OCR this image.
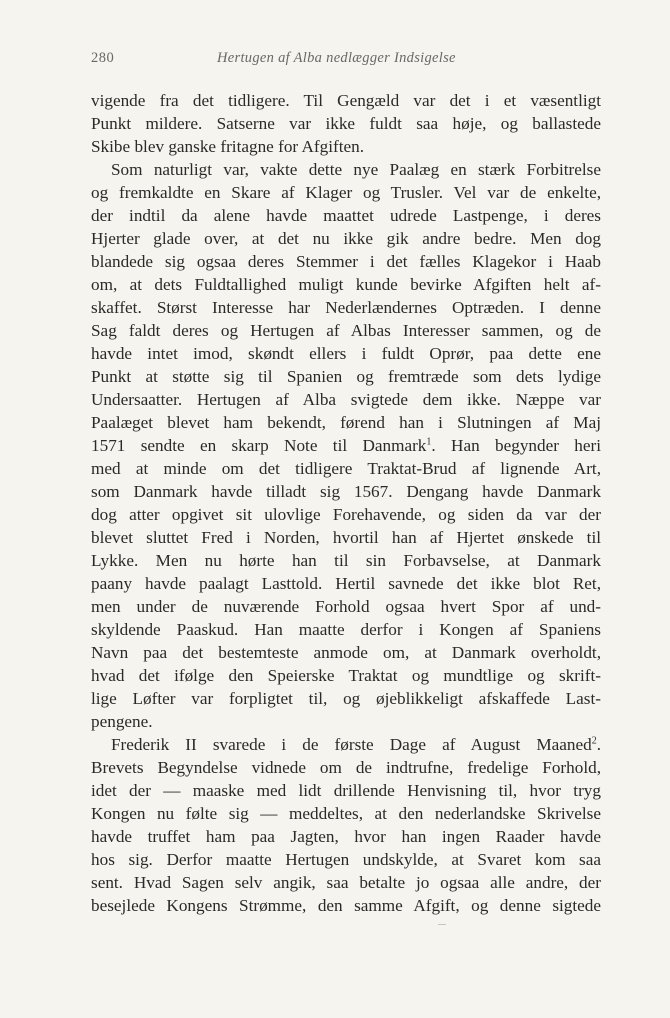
280	Hertugen af Alba nedlægger Indsigelse
vigende fra det tidligere. Til Gengæld var det i et væsentligt
Punkt mildere. Satserne var ikke fuldt saa høje, og ballastede
Skibe blev ganske fritagne for Afgiften.
Som naturligt var, vakte dette nye Paalæg en stærk Forbitrelse
og fremkaldte en Skare af Klager og Trusler. Vel var de enkelte,
der indtil da alene havde maattet udrede Lastpenge, i deres
Hjerter glade over, at det nu ikke gik andre bedre. Men dog
blandede sig ogsaa deres Stemmer i det fælles Klagekor i Haab
om, at dets Fuldtallighed muligt kunde bevirke Afgiften helt af-
skaffet. Størst Interesse har Nederlændernes Optræden. I denne
Sag faldt deres og Hertugen af Albas Interesser sammen, og de
havde intet imod, skøndt ellers i fuldt Oprør, paa dette ene
Punkt at støtte sig til Spanien og fremtræde som dets lydige
Undersaatter. Hertugen af Alba svigtede dem ikke. Næppe var
Paalæget blevet ham bekendt, førend han i Slutningen af Maj
1571 sendte en skarp Note til Danmark$^1$. Han begynder heri
med at minde om det tidligere Traktat-Brud af lignende Art,
som Danmark havde tilladt sig 1567. Dengang havde Danmark
dog atter opgivet sit ulovlige Forehavende, og siden da var der
blevet sluttet Fred i Norden, hvortil han af Hjertet ønskede til
Lykke. Men nu hørte han til sin Forbavselse, at Danmark
paany havde paalagt Lasttold. Hertil savnede det ikke blot Ret,
men under de nuværende Forhold ogsaa hvert Spor af und-
skyldende Paaskud. Han maatte derfor i Kongen af Spaniens
Navn paa det bestemteste anmode om, at Danmark overholdt,
hvad det ifølge den Speierske Traktat og mundtlige og skrift-
lige Løfter var forpligtet til, og øjeblikkeligt afskaffede Last-
pengene.
Frederik II svarede i de første Dage af August Maaned$^2$.
Brevets Begyndelse vidnede om de indtrufne, fredelige Forhold,
idet der — maaske med lidt drillende Henvisning til, hvor tryg
Kongen nu følte sig — meddeltes, at den nederlandske Skrivelse
havde truffet ham paa Jagten, hvor han ingen Raader havde
hos sig. Derfor maatte Hertugen undskylde, at Svaret kom saa
sent. Hvad Sagen selv angik, saa betalte jo ogsaa alle andre, der
besejlede Kongens Strømme, den samme Afgift, og denne sigtede
